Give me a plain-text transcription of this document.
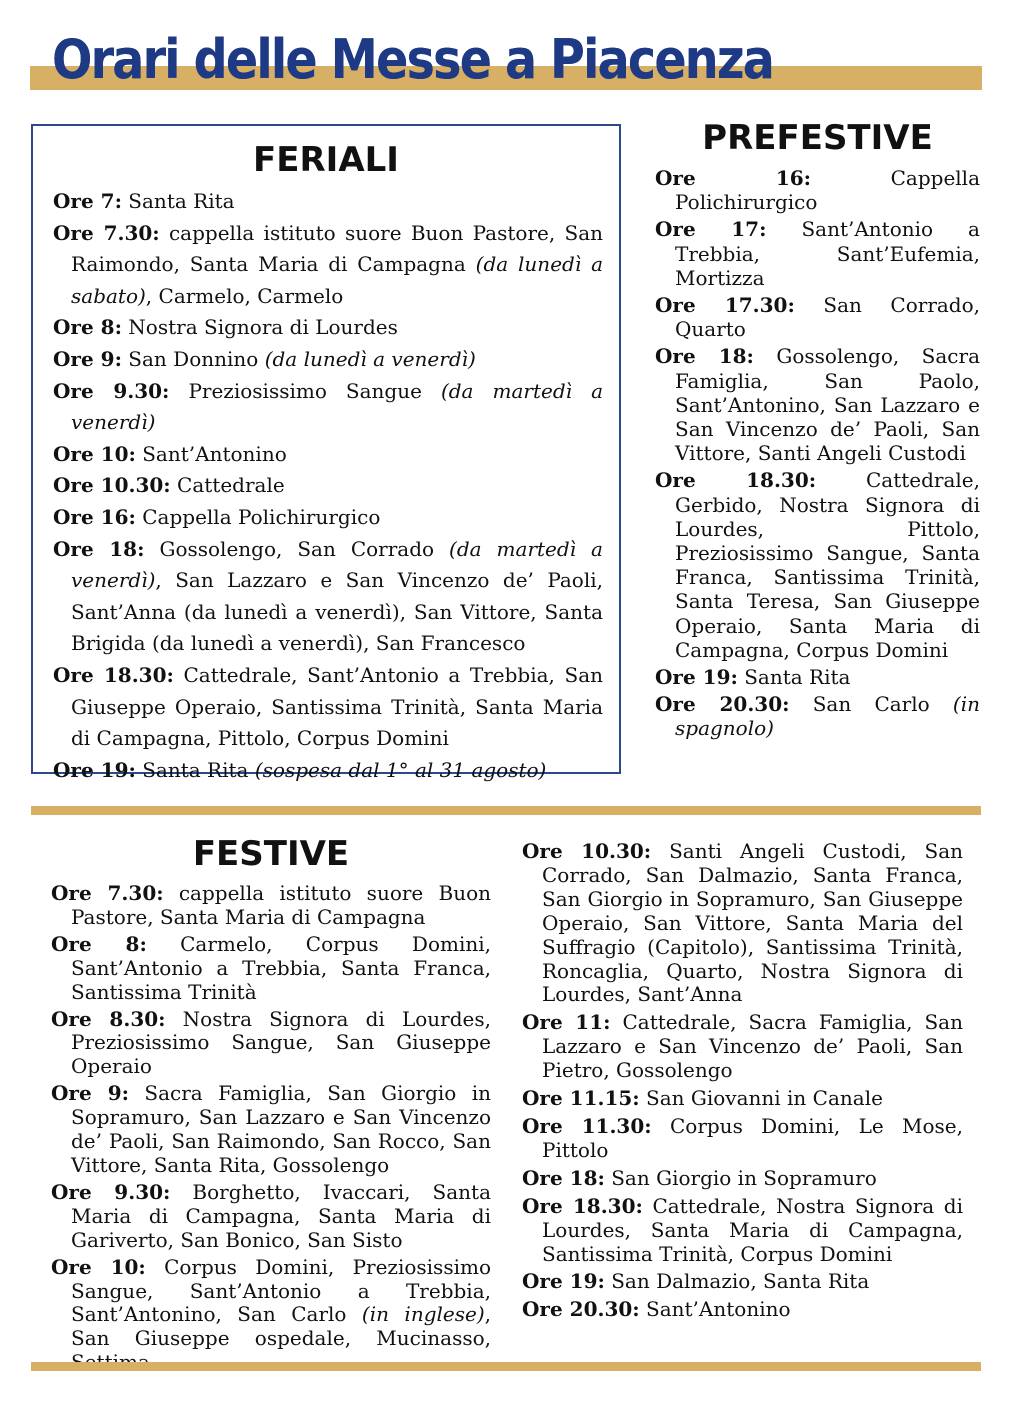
Orari delle Messe a Piacenza
FERIALI

Ore 7: Santa Rita

Ore 7.30: cappella istituto suore Buon Pastore, San Raimondo, Santa Maria di Campagna (da lunedì a sabato), Carmelo, Carmelo

Ore 8: Nostra Signora di Lourdes

Ore 9: San Donnino (da lunedì a venerdì)

Ore 9.30: Preziosissimo Sangue (da martedì a venerdì)

Ore 10: Sant’Antonino

Ore 10.30: Cattedrale

Ore 16: Cappella Polichirurgico

Ore 18: Gossolengo, San Corrado (da martedì a venerdì), San Lazzaro e San Vincenzo de’ Paoli, Sant’Anna (da lunedì a venerdì), San Vittore, Santa Brigida (da lunedì a venerdì), San Francesco

Ore 18.30: Cattedrale, Sant’Antonio a Trebbia, San Giuseppe Operaio, Santissima Trinità, Santa Maria di Campagna, Pittolo, Corpus Domini

Ore 19: Santa Rita (sospesa dal 1° al 31 agosto)

PREFESTIVE

Ore 16: Cappella Polichirurgico

Ore 17: Sant’Antonio a Trebbia, Sant’Eufemia, Mortizza

Ore 17.30: San Corrado, Quarto

Ore 18: Gossolengo, Sacra Famiglia, San Paolo, Sant’Antonino, San Lazzaro e San Vincenzo de’ Paoli, San Vittore, Santi Angeli Custodi

Ore 18.30: Cattedrale, Gerbido, Nostra Signora di Lourdes, Pittolo, Preziosissimo Sangue, Santa Franca, Santissima Trinità, Santa Teresa, San Giuseppe Operaio, Santa Maria di Campagna, Corpus Domini

Ore 19: Santa Rita

Ore 20.30: San Carlo (in spagnolo)

FESTIVE

Ore 7.30: cappella istituto suore Buon Pastore, Santa Maria di Campagna

Ore 8: Carmelo, Corpus Domini, Sant’Antonio a Trebbia, Santa Franca, Santissima Trinità

Ore 8.30: Nostra Signora di Lourdes, Preziosissimo Sangue, San Giuseppe Operaio

Ore 9: Sacra Famiglia, San Giorgio in Sopramuro, San Lazzaro e San Vincenzo de’ Paoli, San Raimondo, San Rocco, San Vittore, Santa Rita, Gossolengo

Ore 9.30: Borghetto, Ivaccari, Santa Maria di Campagna, Santa Maria di Gariverto, San Bonico, San Sisto

Ore 10: Corpus Domini, Preziosissimo Sangue, Sant’Antonio a Trebbia, Sant’Antonino, San Carlo (in inglese), San Giuseppe ospedale, Mucinasso,

Ore 10.30: Santi Angeli Custodi, San Corrado, San Dalmazio, Santa Franca, San Giorgio in Sopramuro, San Giuseppe Operaio, San Vittore, Santa Maria del Suffragio (Capitolo), Santissima Trinità, Roncaglia, Quarto, Nostra Signora di Lourdes, Sant’Anna

Ore 11: Cattedrale, Sacra Famiglia, San Lazzaro e San Vincenzo de’ Paoli, San Pietro, Gossolengo

Ore 11.15: San Giovanni in Canale

Ore 11.30: Corpus Domini, Le Mose, Pittolo

Ore 18: San Giorgio in Sopramuro

Ore 18.30: Cattedrale, Nostra Signora di Lourdes, Santa Maria di Campagna, Santissima Trinità, Corpus Domini

Ore 19: San Dalmazio, Santa Rita

Ore 20.30: Sant’Antonino
